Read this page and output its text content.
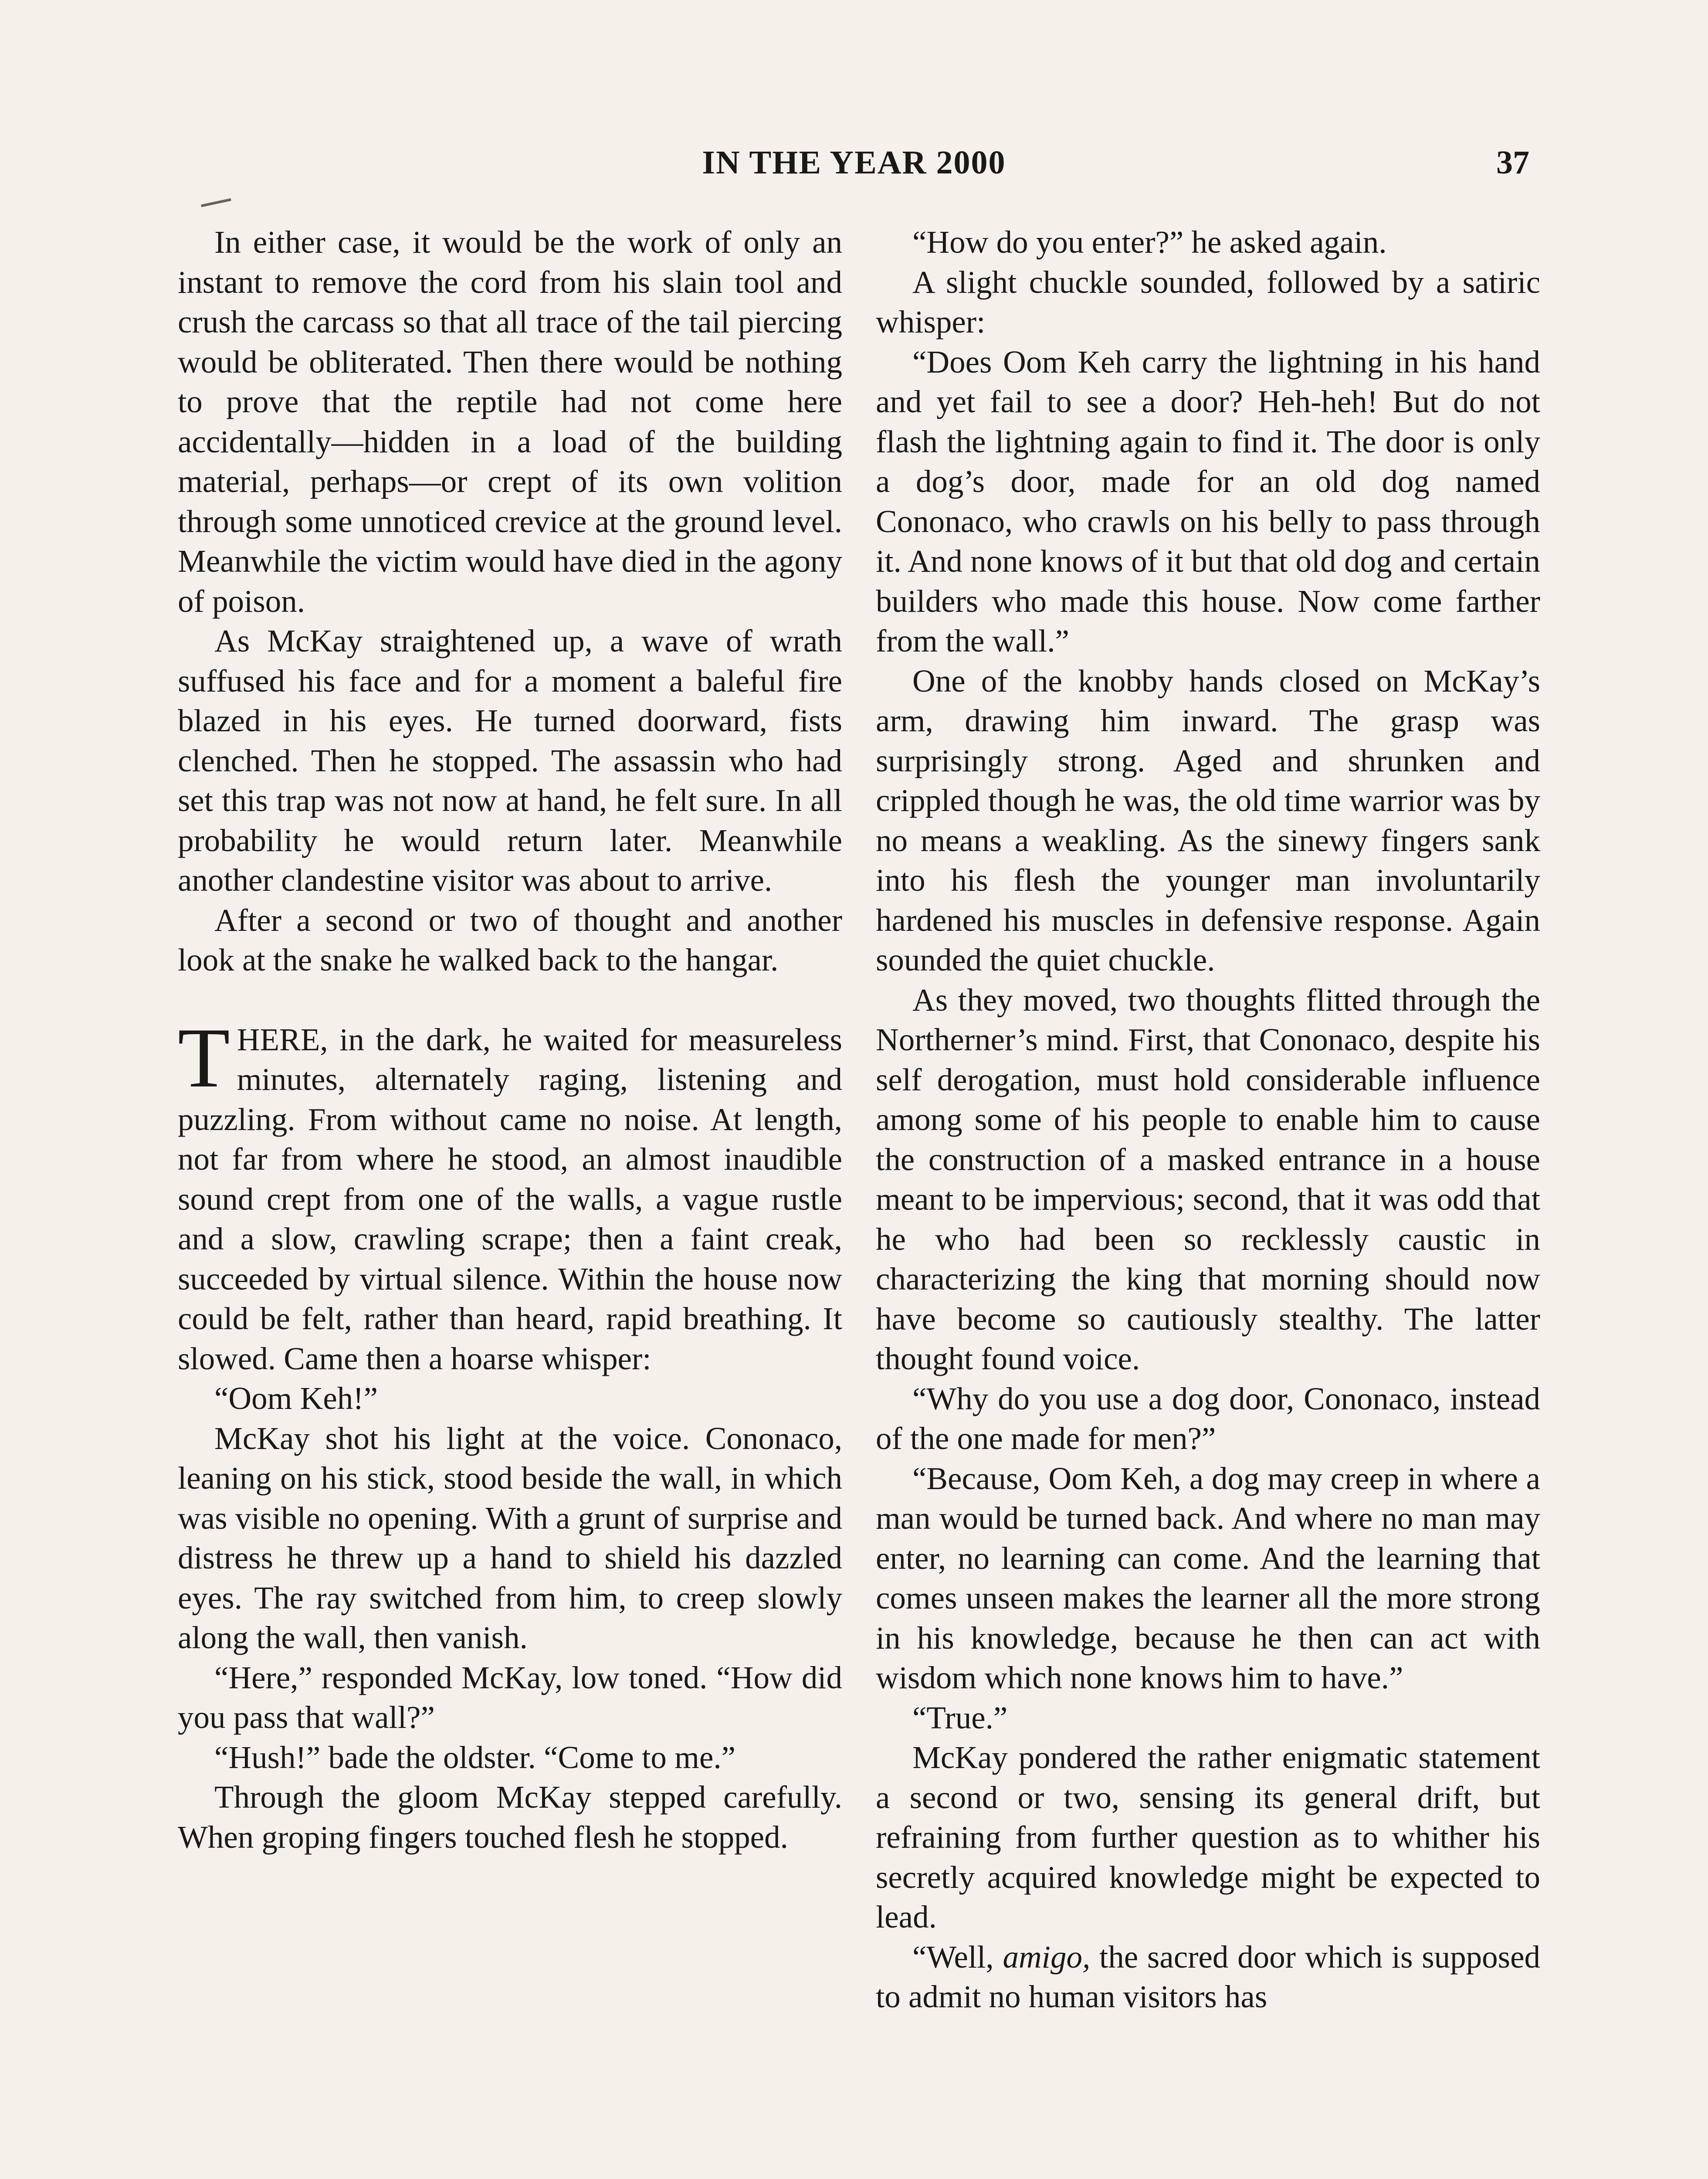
IN THE YEAR 2000	37

In either case, it would be the work of only an instant to remove the cord from his slain tool and crush the carcass so that all trace of the tail piercing would be obliterated. Then there would be nothing to prove that the reptile had not come here accidentally—hidden in a load of the building material, perhaps—or crept of its own volition through some unnoticed crevice at the ground level. Meanwhile the victim would have died in the agony of poison.

As McKay straightened up, a wave of wrath suffused his face and for a moment a baleful fire blazed in his eyes. He turned doorward, fists clenched. Then he stopped. The assassin who had set this trap was not now at hand, he felt sure. In all probability he would return later. Meanwhile another clandestine visitor was about to arrive.

After a second or two of thought and another look at the snake he walked back to the hangar.

THERE, in the dark, he waited for measureless minutes, alternately raging, listening and puzzling. From without came no noise. At length, not far from where he stood, an almost inaudible sound crept from one of the walls, a vague rustle and a slow, crawling scrape; then a faint creak, succeeded by virtual silence. Within the house now could be felt, rather than heard, rapid breathing. It slowed. Came then a hoarse whisper:

“Oom Keh!”

McKay shot his light at the voice. Cononaco, leaning on his stick, stood beside the wall, in which was visible no opening. With a grunt of surprise and distress he threw up a hand to shield his dazzled eyes. The ray switched from him, to creep slowly along the wall, then vanish.

“Here,” responded McKay, low toned. “How did you pass that wall?”

“Hush!” bade the oldster. “Come to me.”

Through the gloom McKay stepped carefully. When groping fingers touched flesh he stopped.

“How do you enter?” he asked again.

A slight chuckle sounded, followed by a satiric whisper:

“Does Oom Keh carry the lightning in his hand and yet fail to see a door? Heh-heh! But do not flash the lightning again to find it. The door is only a dog’s door, made for an old dog named Cononaco, who crawls on his belly to pass through it. And none knows of it but that old dog and certain builders who made this house. Now come farther from the wall.”

One of the knobby hands closed on McKay’s arm, drawing him inward. The grasp was surprisingly strong. Aged and shrunken and crippled though he was, the old time warrior was by no means a weakling. As the sinewy fingers sank into his flesh the younger man involuntarily hardened his muscles in defensive response. Again sounded the quiet chuckle.

As they moved, two thoughts flitted through the Northerner’s mind. First, that Cononaco, despite his self derogation, must hold considerable influence among some of his people to enable him to cause the construction of a masked entrance in a house meant to be impervious; second, that it was odd that he who had been so recklessly caustic in characterizing the king that morning should now have become so cautiously stealthy. The latter thought found voice.

“Why do you use a dog door, Cononaco, instead of the one made for men?”

“Because, Oom Keh, a dog may creep in where a man would be turned back. And where no man may enter, no learning can come. And the learning that comes unseen makes the learner all the more strong in his knowledge, because he then can act with wisdom which none knows him to have.”

“True.”

McKay pondered the rather enigmatic statement a second or two, sensing its general drift, but refraining from further question as to whither his secretly acquired knowledge might be expected to lead.

“Well, amigo, the sacred door which is supposed to admit no human visitors has
